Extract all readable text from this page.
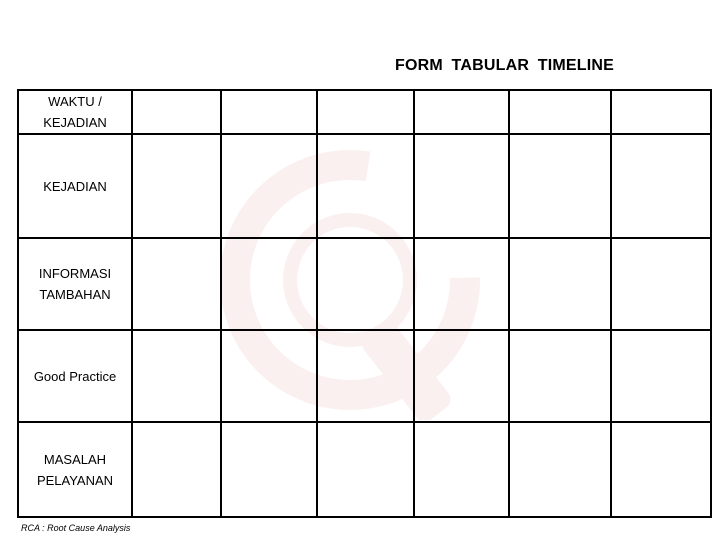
FORM TABULAR TIMELINE
WAKTU /
KEJADIAN						

KEJADIAN						

INFORMASI
TAMBAHAN						

Good Practice						

MASALAH
PELAYANAN						

RCA : Root Cause Analysis
